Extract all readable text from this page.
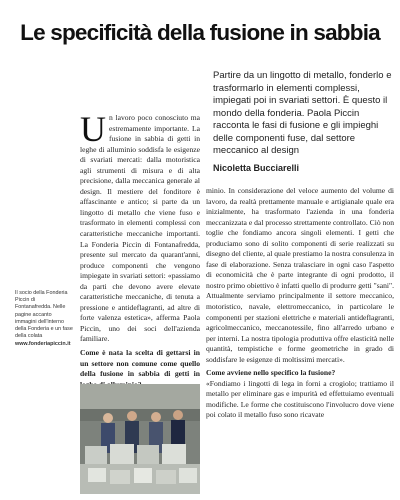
Le specificità della fusione in sabbia
Partire da un lingotto di metallo, fonderlo e trasformarlo in elementi complessi, impiegati poi in svariati settori. È questo il mondo della fonderia. Paola Piccin racconta le fasi di fusione e gli impieghi delle componenti fuse, dal settore meccanico al design
Nicoletta Bucciarelli
U n lavoro poco conosciuto ma estremamente importante. La fusione in sabbia di getti in leghe di alluminio soddisfa le esigenze di svariati mercati: dalla motoristica agli strumenti di misura e di alta precisione, dalla meccanica generale al design. Il mestiere del fonditore è affascinante e antico; si parte da un lingotto di metallo che viene fuso e trasformato in elementi complessi con caratteristiche meccaniche importanti. La Fonderia Piccin di Fontanafredda, presente sul mercato da quarant'anni, produce componenti che vengono impiegate in svariati settori: «passiamo da parti che devono avere elevate caratteristiche meccaniche, di tenuta a pressione e antideflagranti, ad altre di forte valenza estetica», afferma Paola Piccin, uno dei soci dell'azienda familiare.
Come è nata la scelta di gettarsi in un settore non comune come quello della fusione in sabbia di getti in
minio. In considerazione del veloce aumento del volume di lavoro, da realtà prettamente manuale e artigianale quale era inizialmente, ha trasformato l'azienda in una fonderia meccanizzata e dal processo strettamente controllato. Ciò non toglie che fondiamo ancora singoli elementi. I getti che produciamo sono di solito componenti di serie realizzati su disegno del cliente, al quale prestiamo la nostra consulenza in fase di elaborazione. Senza tralasciare in ogni caso l'aspetto di economicità che è parte integrante di ogni prodotto, il nostro primo obiettivo è infatti quello di produrre getti "sani". Attualmente serviamo principalmente il settore meccanico, motoristico, navale, elettromeccanico, in particolare le componenti per stazioni elettriche e materiali antideflagranti, agricolmeccanico, meccanotessile, fino all'arredo urbano e per interni. La nostra tipologia produttiva offre elasticità nelle quantità, tempistiche e forme geometriche in grado di soddisfare le esigenze di moltissimi mercati».
Come avviene nello specifico la fusione?
«Fondiamo i lingotti di lega in forni a crogiolo; trattiamo il metallo per eliminare gas e impurità ed effettuiamo eventuali modifiche. Le forme che costituiscono l'involucro dove viene poi colato il metallo fuso sono ricavate
Il socio della Fonderia Piccin di Fontanafredda. Nelle pagine accanto immagini dell'interno della Fonderia e un fase della colata
www.fonderiapiccin.it
